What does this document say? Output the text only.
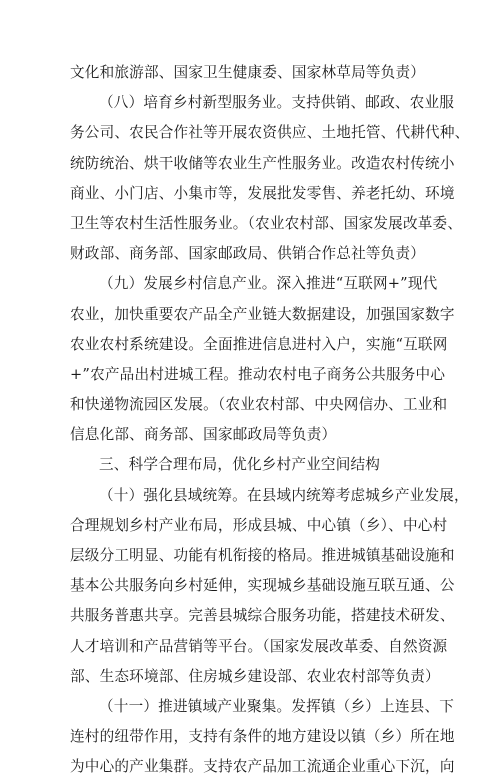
文化和旅游部、国家卫生健康委、国家林草局等负责）
（八）培育乡村新型服务业。支持供销、邮政、农业服
务公司、农民合作社等开展农资供应、土地托管、代耕代种、
统防统治、烘干收储等农业生产性服务业。改造农村传统小
商业、小门店、小集市等，发展批发零售、养老托幼、环境
卫生等农村生活性服务业。（农业农村部、国家发展改革委、
财政部、商务部、国家邮政局、供销合作总社等负责）
（九）发展乡村信息产业。深入推进“互联网+”现代
农业，加快重要农产品全产业链大数据建设，加强国家数字
农业农村系统建设。全面推进信息进村入户，实施“互联网
+”农产品出村进城工程。推动农村电子商务公共服务中心
和快递物流园区发展。（农业农村部、中央网信办、工业和
信息化部、商务部、国家邮政局等负责）
三、科学合理布局，优化乡村产业空间结构
（十）强化县域统筹。在县域内统筹考虑城乡产业发展，
合理规划乡村产业布局，形成县城、中心镇（乡）、中心村
层级分工明显、功能有机衔接的格局。推进城镇基础设施和
基本公共服务向乡村延伸，实现城乡基础设施互联互通、公
共服务普惠共享。完善县城综合服务功能，搭建技术研发、
人才培训和产品营销等平台。（国家发展改革委、自然资源
部、生态环境部、住房城乡建设部、农业农村部等负责）
（十一）推进镇域产业聚集。发挥镇（乡）上连县、下
连村的纽带作用，支持有条件的地方建设以镇（乡）所在地
为中心的产业集群。支持农产品加工流通企业重心下沉，向
